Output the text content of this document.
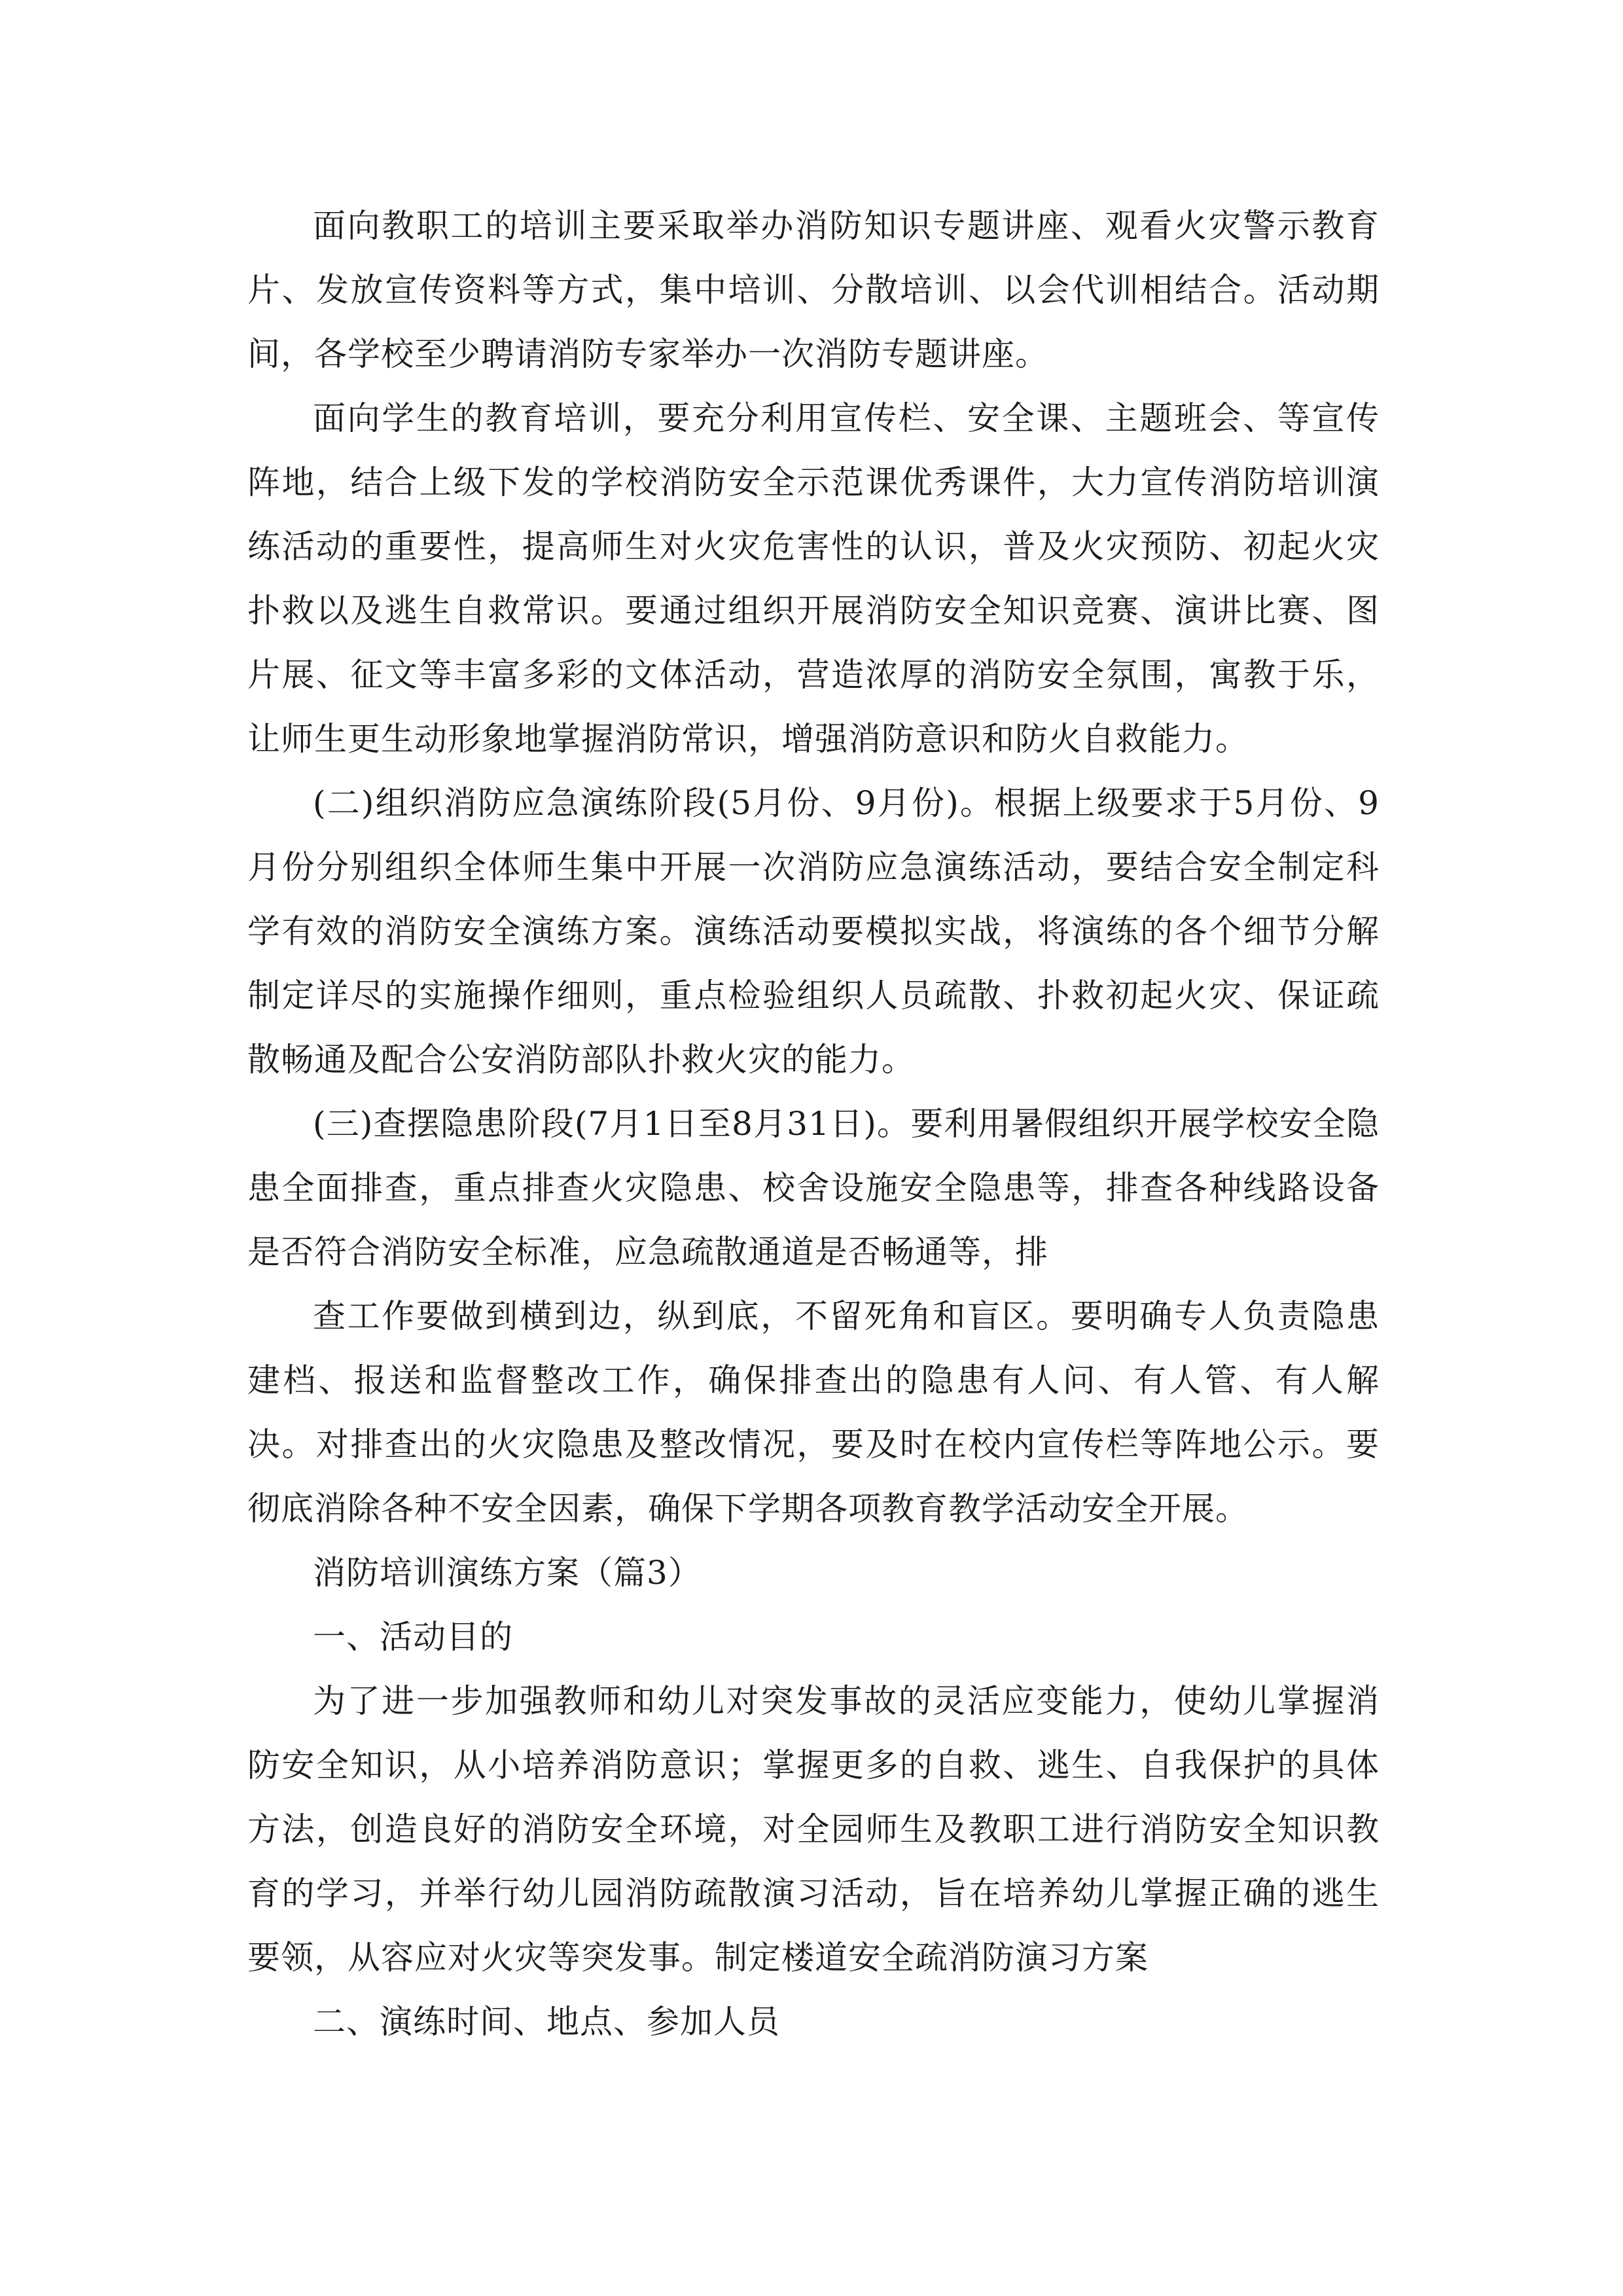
面向教职工的培训主要采取举办消防知识专题讲座、观看火灾警示教育片、发放宣传资料等方式，集中培训、分散培训、以会代训相结合。活动期间，各学校至少聘请消防专家举办一次消防专题讲座。

面向学生的教育培训，要充分利用宣传栏、安全课、主题班会、等宣传阵地，结合上级下发的学校消防安全示范课优秀课件，大力宣传消防培训演练活动的重要性，提高师生对火灾危害性的认识，普及火灾预防、初起火灾扑救以及逃生自救常识。要通过组织开展消防安全知识竞赛、演讲比赛、图片展、征文等丰富多彩的文体活动，营造浓厚的消防安全氛围，寓教于乐，让师生更生动形象地掌握消防常识，增强消防意识和防火自救能力。

(二)组织消防应急演练阶段(5月份、9月份)。根据上级要求于5月份、9月份分别组织全体师生集中开展一次消防应急演练活动，要结合安全制定科学有效的消防安全演练方案。演练活动要模拟实战，将演练的各个细节分解制定详尽的实施操作细则，重点检验组织人员疏散、扑救初起火灾、保证疏散畅通及配合公安消防部队扑救火灾的能力。

(三)查摆隐患阶段(7月1日至8月31日)。要利用暑假组织开展学校安全隐患全面排查，重点排查火灾隐患、校舍设施安全隐患等，排查各种线路设备是否符合消防安全标准，应急疏散通道是否畅通等，排

查工作要做到横到边，纵到底，不留死角和盲区。要明确专人负责隐患建档、报送和监督整改工作，确保排查出的隐患有人问、有人管、有人解决。对排查出的火灾隐患及整改情况，要及时在校内宣传栏等阵地公示。要彻底消除各种不安全因素，确保下学期各项教育教学活动安全开展。

消防培训演练方案（篇3）

一、活动目的

为了进一步加强教师和幼儿对突发事故的灵活应变能力，使幼儿掌握消防安全知识，从小培养消防意识；掌握更多的自救、逃生、自我保护的具体方法，创造良好的消防安全环境，对全园师生及教职工进行消防安全知识教育的学习，并举行幼儿园消防疏散演习活动，旨在培养幼儿掌握正确的逃生要领，从容应对火灾等突发事。制定楼道安全疏消防演习方案

二、演练时间、地点、参加人员
